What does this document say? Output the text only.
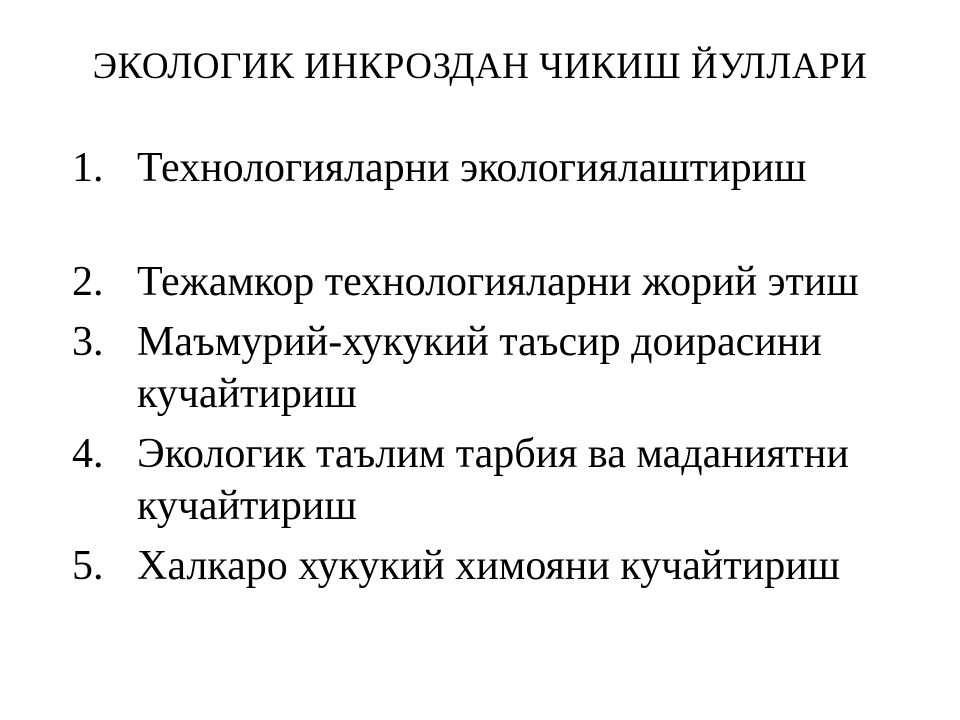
ЭКОЛОГИК ИНКРОЗДАН ЧИКИШ ЙУЛЛАРИ
1. Технологияларни экологиялаштириш
2. Тежамкор технологияларни жорий этиш
3. Маъмурий-хукукий таъсир доирасини кучайтириш
4. Экологик таълим тарбия ва маданиятни кучайтириш
5. Халкаро хукукий химояни кучайтириш
